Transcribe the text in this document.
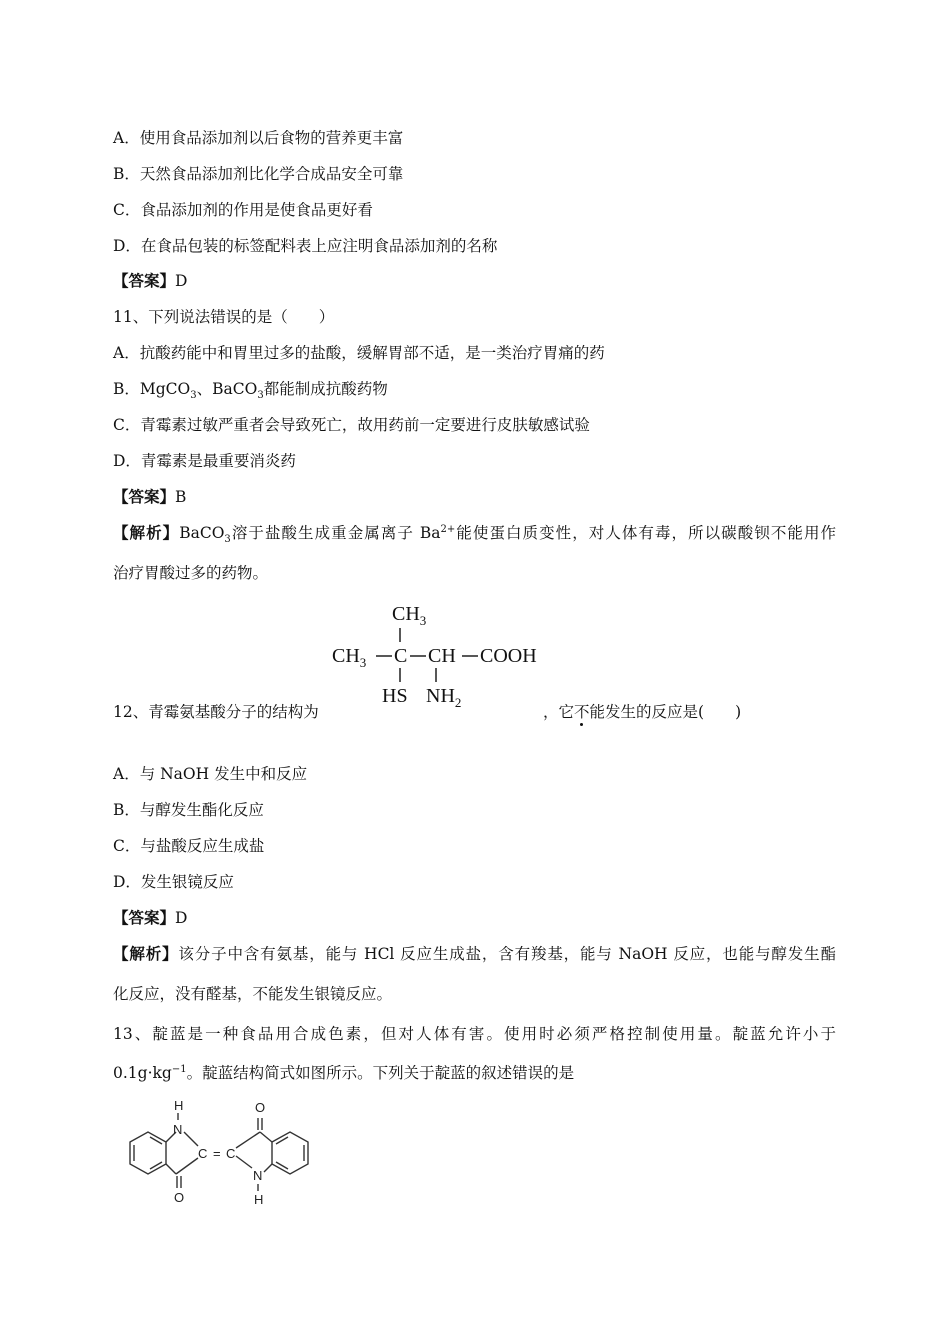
A．使用食品添加剂以后食物的营养更丰富
B．天然食品添加剂比化学合成品安全可靠
C．食品添加剂的作用是使食品更好看
D．在食品包装的标签配料表上应注明食品添加剂的名称
【答案】D
11、下列说法错误的是（　　）
A．抗酸药能中和胃里过多的盐酸，缓解胃部不适，是一类治疗胃痛的药
B．MgCO$_3$、BaCO$_3$都能制成抗酸药物
C．青霉素过敏严重者会导致死亡，故用药前一定要进行皮肤敏感试验
D．青霉素是最重要消炎药
【答案】B
【解析】BaCO$_3$溶于盐酸生成重金属离子 $Ba^{2+}$能使蛋白质变性，对人体有毒，所以碳酸钡不能用作
治疗胃酸过多的药物。
$CH_3$
$CH_3$ C CH COOH
HS $NH_2$
12、青霉氨基酸分子的结构为	，它不能发生的反应是(　　)
A．与 NaOH 发生中和反应
B．与醇发生酯化反应
C．与盐酸反应生成盐
D．发生银镜反应
【答案】D
【解析】该分子中含有氨基，能与 HCl 反应生成盐，含有羧基，能与 NaOH 反应，也能与醇发生酯
化反应，没有醛基，不能发生银镜反应。
13、靛蓝是一种食品用合成色素，但对人体有害。使用时必须严格控制使用量。靛蓝允许小于
$0.1g\cdot kg^{-1}$。靛蓝结构简式如图所示。下列关于靛蓝的叙述错误的是
H
N
C = C
O
O
N
H
